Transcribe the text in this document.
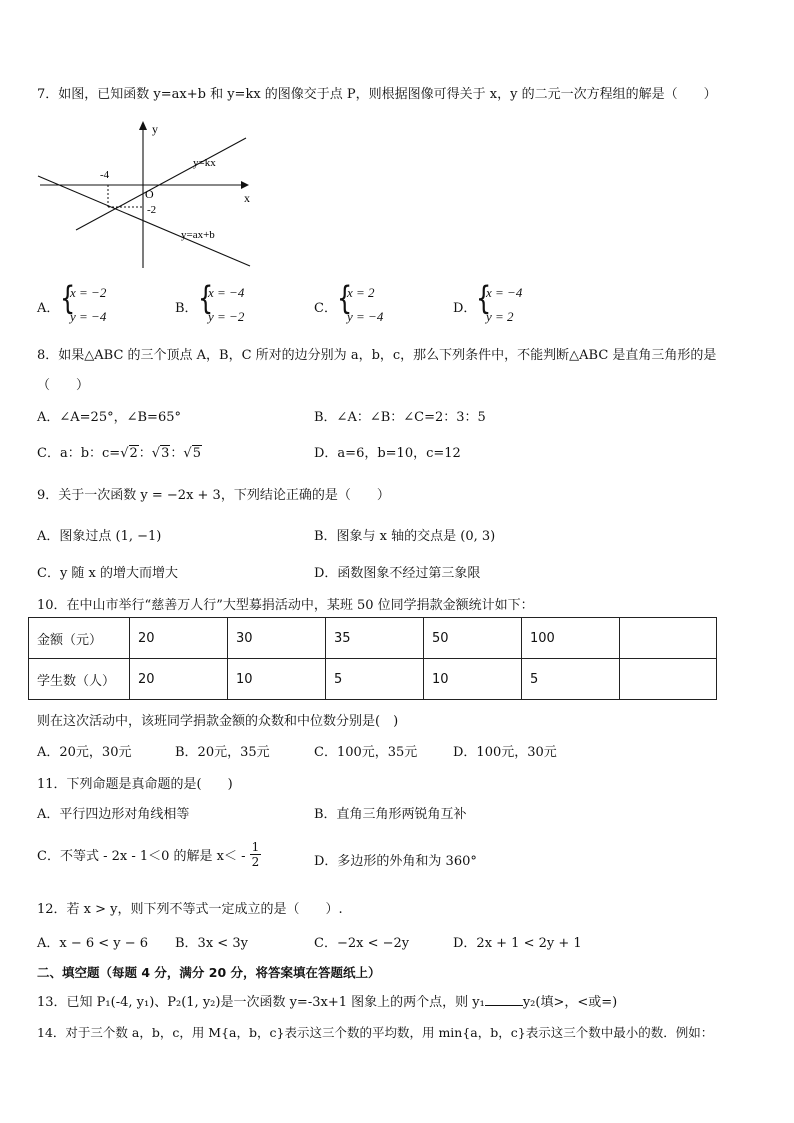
7．如图，已知函数 y=ax+b 和 y=kx 的图像交于点 P，则根据图像可得关于 x，y 的二元一次方程组的解是（　　）
y
x
O
-4
-2
y=kx
y=ax+b
A． {
x = −2
y = −4
B． {
x = −4
y = −2
C． {
x = 2
y = −4
D． {
x = −4
y = 2
8．如果△ABC 的三个顶点 A，B，C 所对的边分别为 a，b，c，那么下列条件中，不能判断△ABC 是直角三角形的是
（　　）
A．∠A=25°，∠B=65°	B．∠A：∠B：∠C=2：3：5
C．a：b：c=√2：√3：√5	D．a=6，b=10，c=12
9．关于一次函数 y = −2x + 3，下列结论正确的是（　　）
A．图象过点 (1, −1)	B．图象与 x 轴的交点是 (0, 3)
C．y 随 x 的增大而增大	D．函数图象不经过第三象限
10．在中山市举行“慈善万人行”大型募捐活动中，某班 50 位同学捐款金额统计如下：
金额（元）	20	30	35	50	100	
学生数（人）	20	10	5	10	5	
则在这次活动中，该班同学捐款金额的众数和中位数分别是(　)
A．20元，30元	B．20元，35元	C．100元，35元	D．100元，30元
11．下列命题是真命题的是(　　)
A．平行四边形对角线相等	B．直角三角形两锐角互补
C．不等式 - 2x - 1＜0 的解是 $x< - \frac{1}{2}$	D．多边形的外角和为 360°
12．若 x > y，则下列不等式一定成立的是（　　）.
A．x − 6 < y − 6 B．3x < 3y	C．−2x < −2y	D．2x + 1 < 2y + 1
二、填空题（每题 4 分，满分 20 分，将答案填在答题纸上）
13．已知 P₁(-4, y₁)、P₂(1, y₂)是一次函数 y=-3x+1 图象上的两个点，则 y₁	y₂(填>，<或=)
14．对于三个数 a，b，c，用 M{a，b，c}表示这三个数的平均数，用 min{a，b，c}表示这三个数中最小的数．例如：
